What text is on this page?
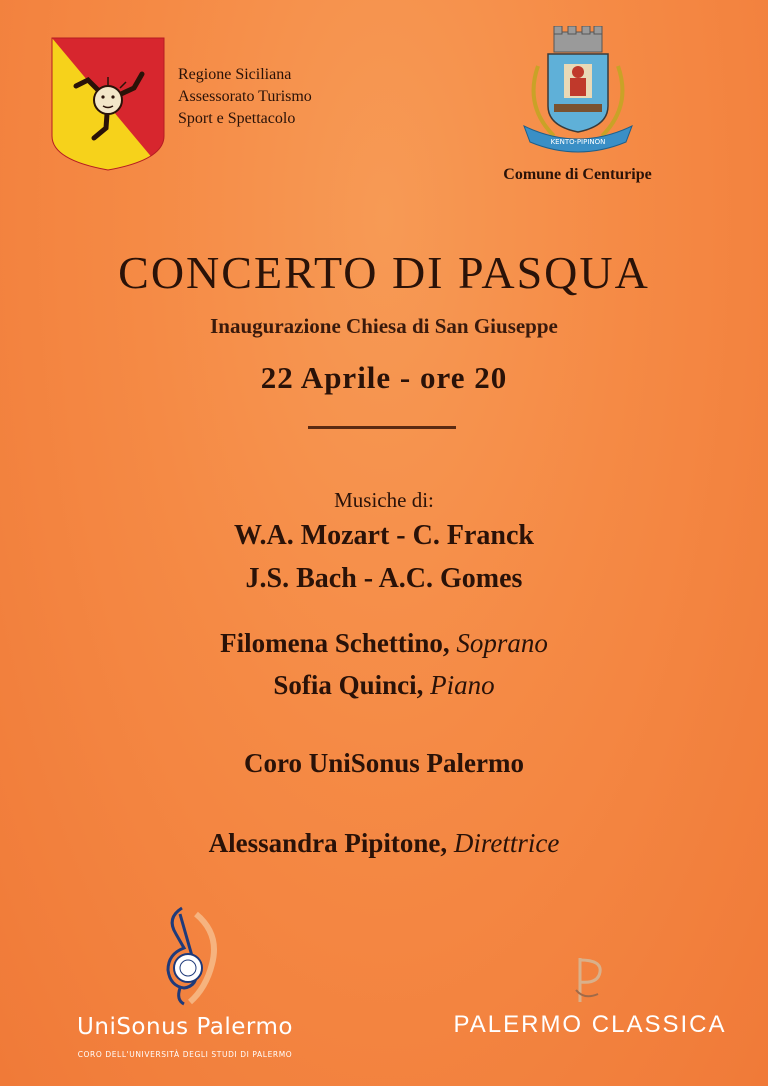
Regione Siciliana
Assessorato Turismo
Sport e Spettacolo
KENTO·PIPINON
Comune di Centuripe
CONCERTO DI PASQUA
Inaugurazione Chiesa di San Giuseppe
22 Aprile - ore 20
Musiche di:
W.A. Mozart - C. Franck
J.S. Bach - A.C. Gomes
Filomena Schettino, Soprano
Sofia Quinci, Piano
Coro UniSonus Palermo
Alessandra Pipitone, Direttrice
UniSonus Palermo
CORO DELL'UNIVERSITÀ DEGLI STUDI DI PALERMO
PALERMO CLASSICA
